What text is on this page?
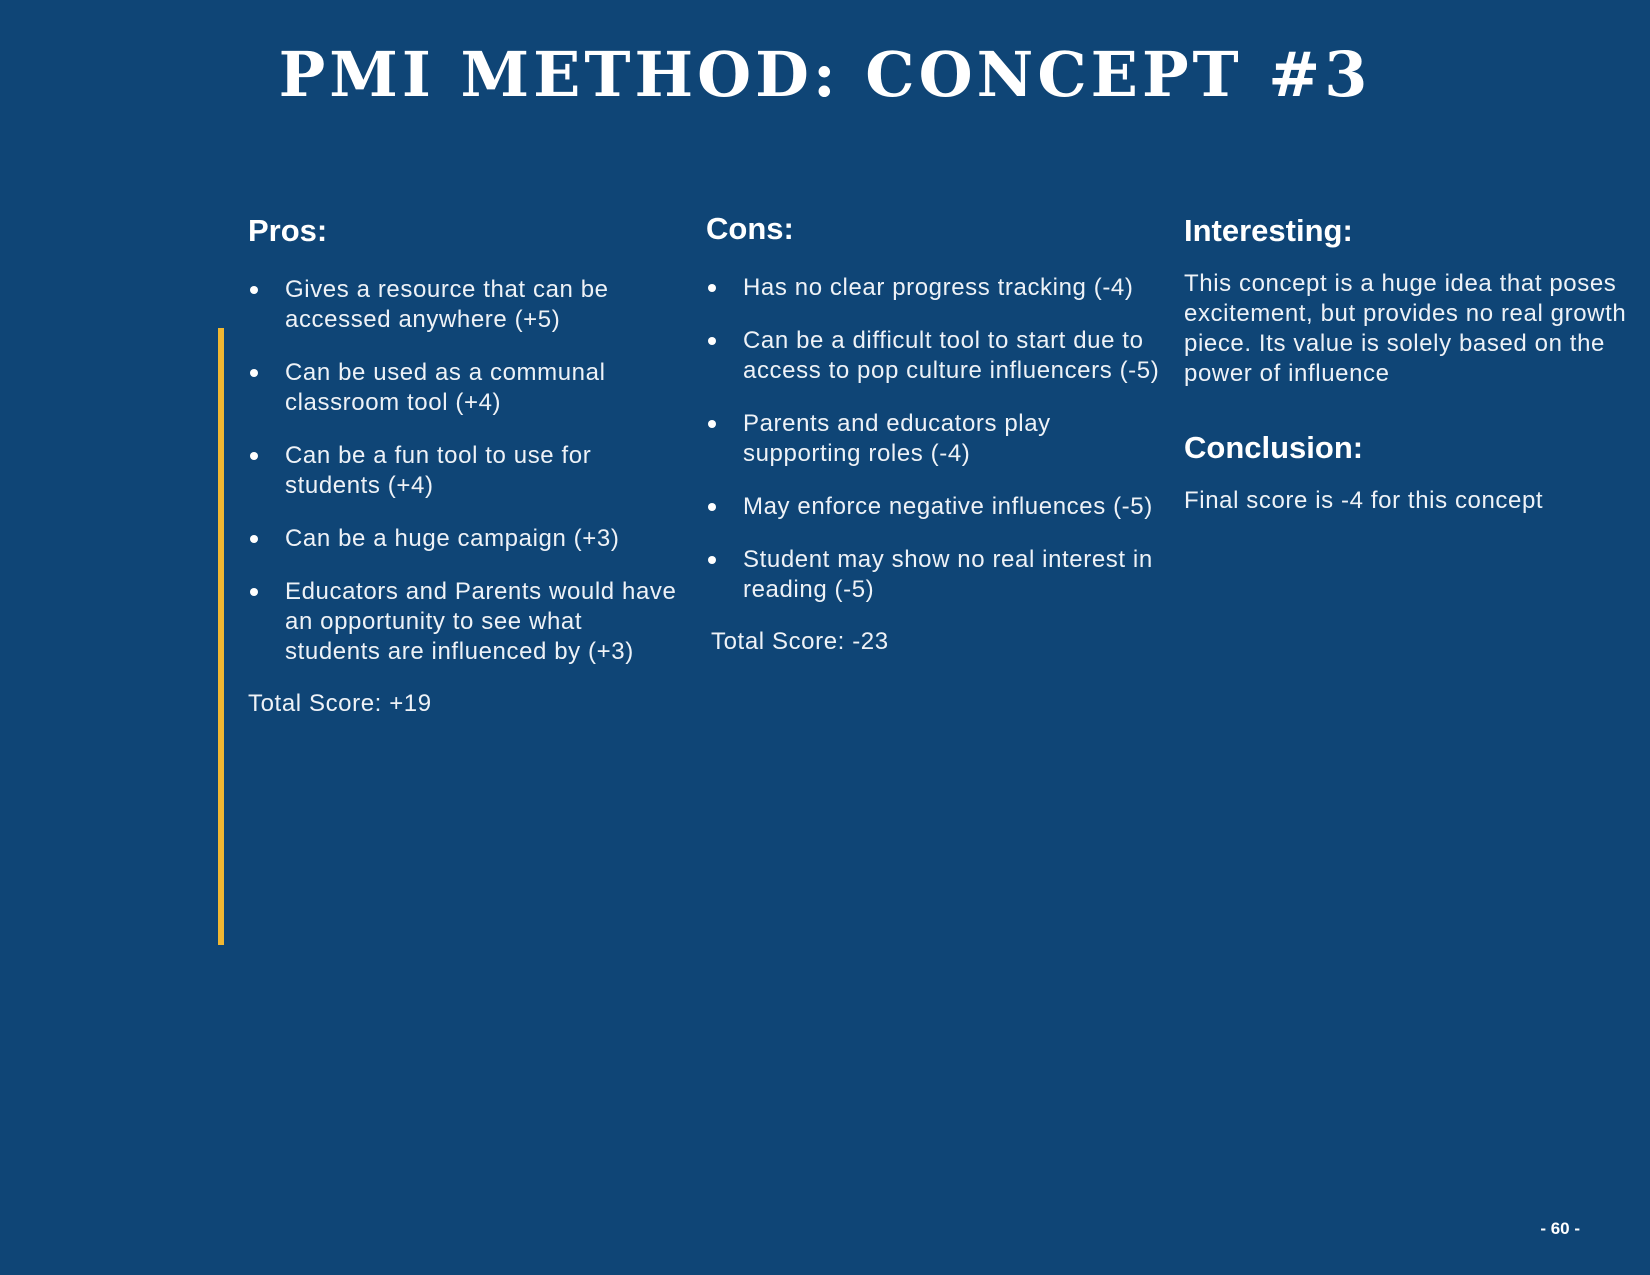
PMI METHOD: CONCEPT #3
Pros:
Gives a resource that can be accessed anywhere (+5)
Can be used as a communal classroom tool (+4)
Can be a fun tool to use for students (+4)
Can be a huge campaign (+3)
Educators and Parents would have an opportunity to see what students are influenced by (+3)
Total Score: +19
Cons:
Has no clear progress tracking (-4)
Can be a difficult tool to start due to access to pop culture influencers (-5)
Parents and educators play supporting roles (-4)
May enforce negative influences (-5)
Student may show no real interest in reading (-5)
Total Score: -23
Interesting:

This concept is a huge idea that poses excitement, but provides no real growth piece. Its value is solely based on the power of influence

Conclusion:

Final score is -4 for this concept

- 60 -
